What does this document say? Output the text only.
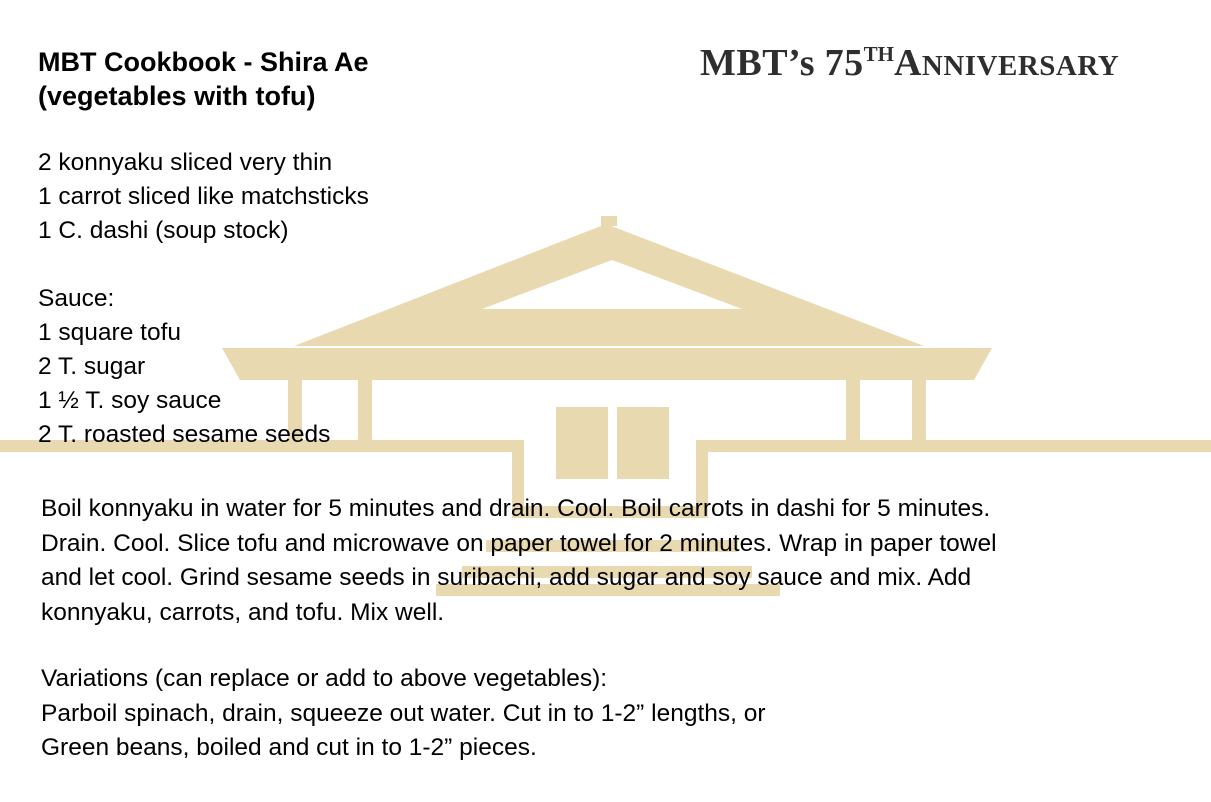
MBT’s 75THANNIVERSARY
MBT Cookbook - Shira Ae
(vegetables with tofu)
2 konnyaku sliced very thin
1 carrot sliced like matchsticks
1 C. dashi (soup stock)
Sauce:
1 square tofu
2 T. sugar
1 ½ T. soy sauce
2 T. roasted sesame seeds

Boil konnyaku in water for 5 minutes and drain. Cool. Boil carrots in dashi for 5 minutes.
Drain. Cool. Slice tofu and microwave on paper towel for 2 minutes. Wrap in paper towel
and let cool. Grind sesame seeds in suribachi, add sugar and soy sauce and mix. Add
konnyaku, carrots, and tofu. Mix well.

Variations (can replace or add to above vegetables):
Parboil spinach, drain, squeeze out water. Cut in to 1-2” lengths, or
Green beans, boiled and cut in to 1-2” pieces.
